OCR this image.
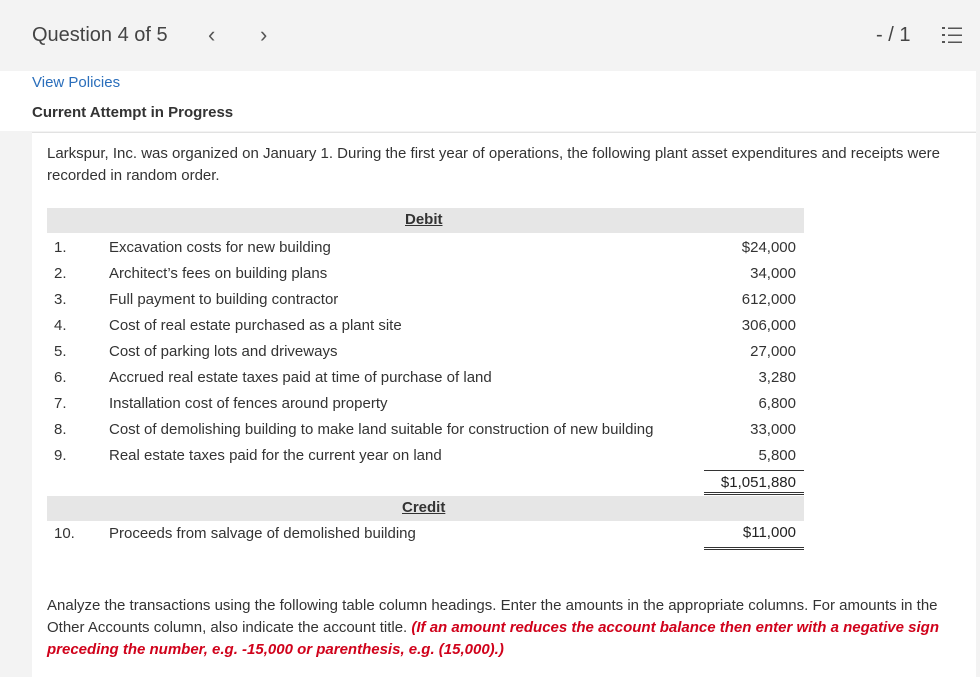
Question 4 of 5 ‹ ›	- / 1
View Policies
Current Attempt in Progress
Larkspur, Inc. was organized on January 1. During the first year of operations, the following plant asset expenditures and receipts were recorded in random order.
Debit
1.	Excavation costs for new building	$24,000
2.	Architect’s fees on building plans	34,000
3.	Full payment to building contractor	612,000
4.	Cost of real estate purchased as a plant site	306,000
5.	Cost of parking lots and driveways	27,000
6.	Accrued real estate taxes paid at time of purchase of land	3,280
7.	Installation cost of fences around property	6,800
8.	Cost of demolishing building to make land suitable for construction of new building	33,000
9.	Real estate taxes paid for the current year on land	5,800
$1,051,880
Credit
10.	Proceeds from salvage of demolished building	$11,000
Analyze the transactions using the following table column headings. Enter the amounts in the appropriate columns. For amounts in the Other Accounts column, also indicate the account title. (If an amount reduces the account balance then enter with a negative sign preceding the number, e.g. -15,000 or parenthesis, e.g. (15,000).)
